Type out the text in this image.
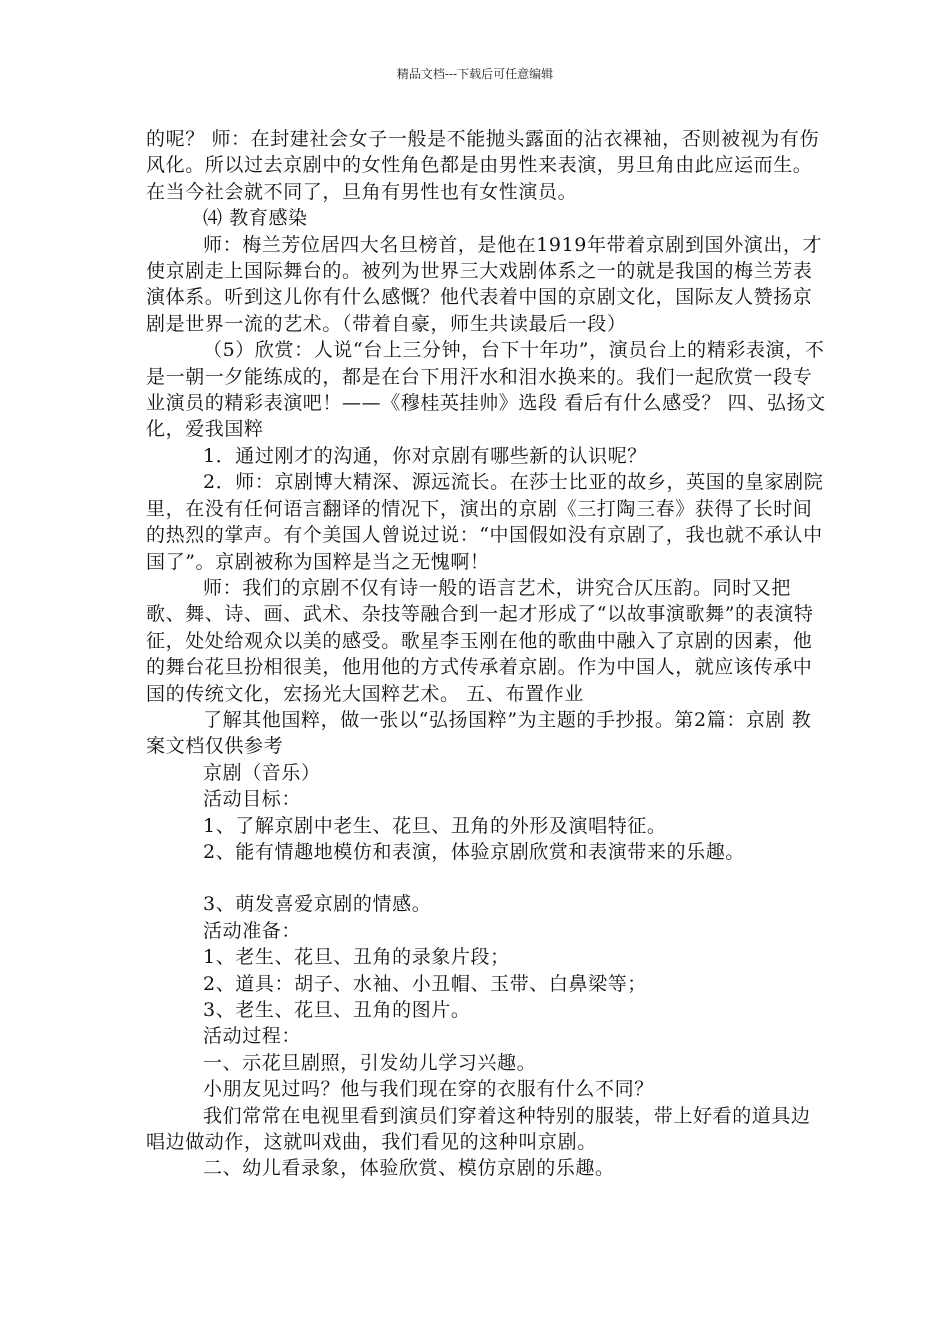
精品文档---下载后可任意编辑

的呢？ 师：在封建社会女子一般是不能抛头露面的沾衣裸袖，否则被视为有伤风化。所以过去京剧中的女性角色都是由男性来表演，男旦角由此应运而生。在当今社会就不同了，旦角有男性也有女性演员。

⑷ 教育感染

师：梅兰芳位居四大名旦榜首，是他在1919年带着京剧到国外演出，才使京剧走上国际舞台的。被列为世界三大戏剧体系之一的就是我国的梅兰芳表演体系。听到这儿你有什么感慨？他代表着中国的京剧文化，国际友人赞扬京剧是世界一流的艺术。（带着自豪，师生共读最后一段）

（5）欣赏：人说“台上三分钟，台下十年功”，演员台上的精彩表演，不是一朝一夕能练成的，都是在台下用汗水和泪水换来的。我们一起欣赏一段专业演员的精彩表演吧！——《穆桂英挂帅》选段 看后有什么感受？ 四、弘扬文化，爱我国粹

1．通过刚才的沟通，你对京剧有哪些新的认识呢？

2．师：京剧博大精深、源远流长。在莎士比亚的故乡，英国的皇家剧院里，在没有任何语言翻译的情况下，演出的京剧《三打陶三春》获得了长时间的热烈的掌声。有个美国人曾说过说：“中国假如没有京剧了，我也就不承认中国了”。京剧被称为国粹是当之无愧啊！

师：我们的京剧不仅有诗一般的语言艺术，讲究合仄压韵。同时又把歌、舞、诗、画、武术、杂技等融合到一起才形成了“以故事演歌舞”的表演特征，处处给观众以美的感受。歌星李玉刚在他的歌曲中融入了京剧的因素，他的舞台花旦扮相很美，他用他的方式传承着京剧。作为中国人，就应该传承中国的传统文化，宏扬光大国粹艺术。 五、布置作业

了解其他国粹，做一张以“弘扬国粹”为主题的手抄报。第2篇：京剧 教案文档仅供参考

京剧（音乐）

活动目标：

1、了解京剧中老生、花旦、丑角的外形及演唱特征。

2、能有情趣地模仿和表演，体验京剧欣赏和表演带来的乐趣。

3、萌发喜爱京剧的情感。

活动准备：

1、老生、花旦、丑角的录象片段；

2、道具：胡子、水袖、小丑帽、玉带、白鼻梁等；

3、老生、花旦、丑角的图片。

活动过程：

一、示花旦剧照，引发幼儿学习兴趣。

小朋友见过吗？他与我们现在穿的衣服有什么不同？

我们常常在电视里看到演员们穿着这种特别的服装，带上好看的道具边唱边做动作，这就叫戏曲，我们看见的这种叫京剧。

二、幼儿看录象，体验欣赏、模仿京剧的乐趣。
